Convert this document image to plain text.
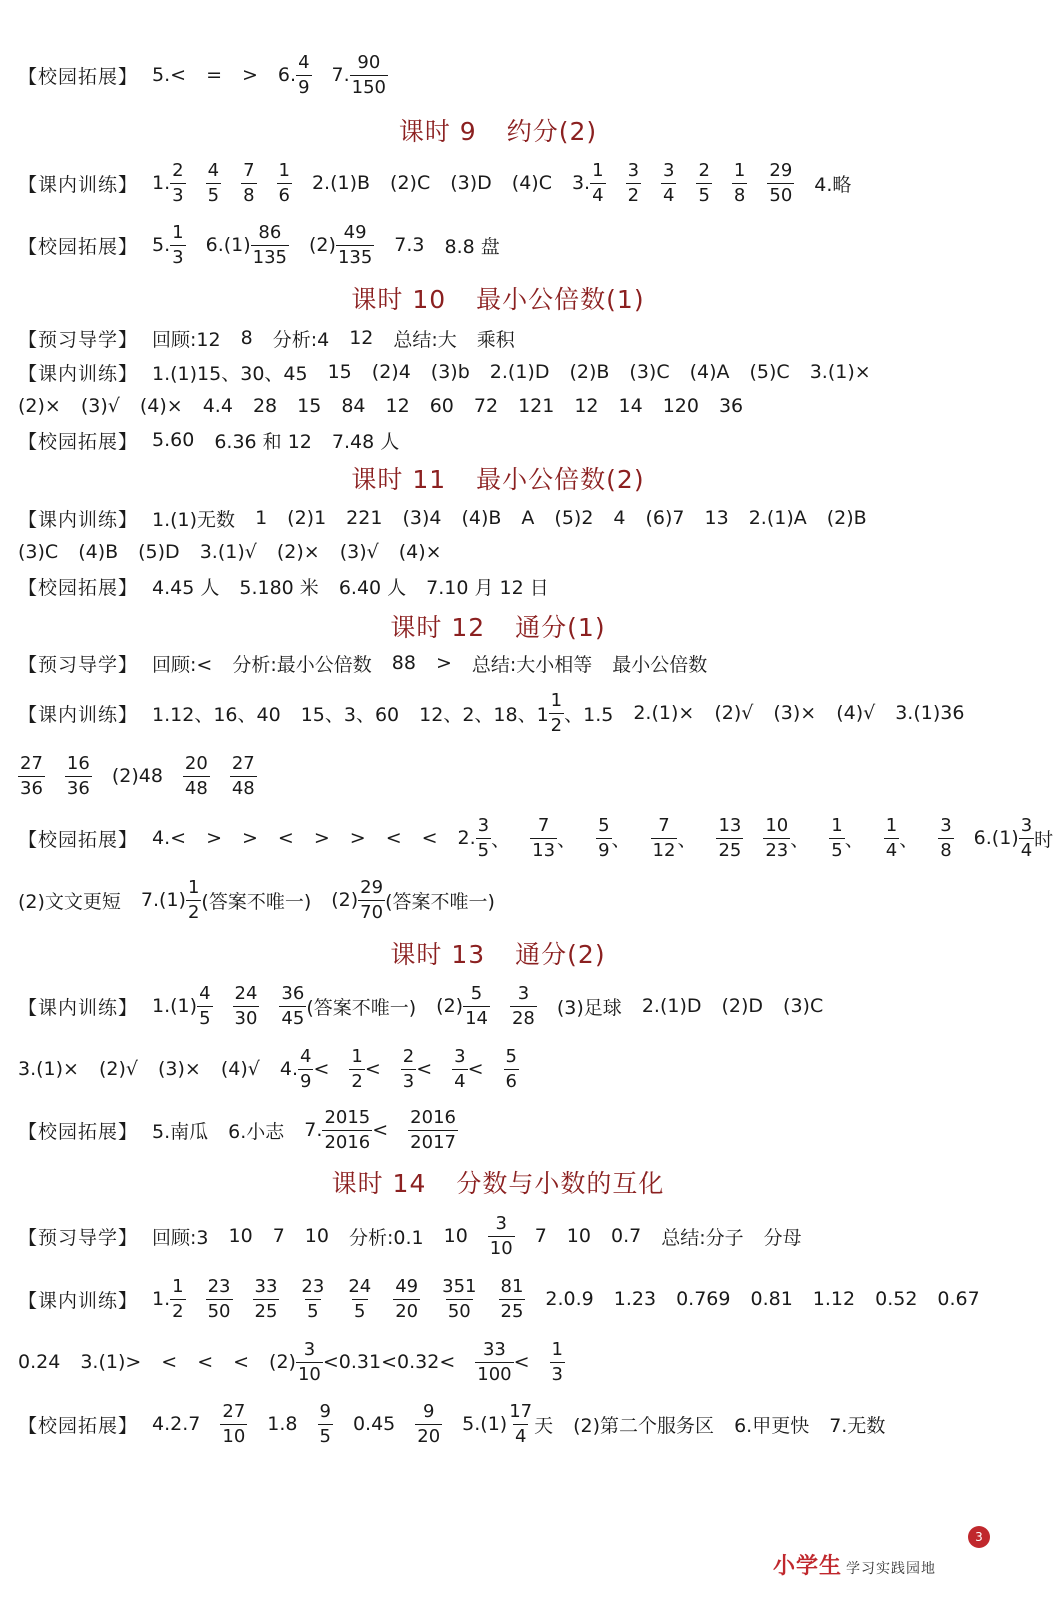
【校园拓展】 5.< = > 6. $\frac{4}{9} 7$. $\frac{90}{150}$
课时 9 约分(2)
【课内训练】 1. $\frac{2}{3} \frac{4}{5} \frac{7}{8} \frac{1}{6} 2.(1)B$ (2)C (3)D (4)C 3. $\frac{1}{4} \frac{3}{2} \frac{3}{4} \frac{2}{5} \frac{1}{8} \frac{29}{50} 4$.略
【校园拓展】 5. $\frac{1}{3} 6.(1) \frac{86}{135} (2) \frac{49}{135} 7.3$ 8.8 盘
课时 10 最小公倍数(1)
【预习导学】 回顾:12 8 分析:4 12 总结:大 乘积
【课内训练】 1.(1)15、30、45 15 (2)4 (3)b 2.(1)D (2)B (3)C (4)A (5)C 3.(1)×
(2)× (3)√ (4)× 4.4 28 15 84 12 60 72 121 12 14 120 36
【校园拓展】 5.60 6.36 和 12 7.48 人
课时 11 最小公倍数(2)
【课内训练】 1.(1)无数 1 (2)1 221 (3)4 (4)B A (5)2 4 (6)7 13 2.(1)A (2)B
(3)C (4)B (5)D 3.(1)√ (2)× (3)√ (4)×
【校园拓展】 4.45 人 5.180 米 6.40 人 7.10 月 12 日
课时 12 通分(1)
【预习导学】 回顾:< 分析:最小公倍数 88 > 总结:大小相等 最小公倍数
【课内训练】 1.12、16、40 15、3、60 12、2、18、$1 \frac{1}{2}$ 、1.5 2.(1)× (2)√ (3)× (4)√ 3.(1)36
$\frac{27}{36} \frac{16}{36} (2)48 \frac{20}{48} \frac{27}{48}$
【校园拓展】 4.< > > < > > < < 2. $\frac{3}{5}$ 、 $\frac{7}{13}$ 、 $\frac{5}{9}$ 、 $\frac{7}{12}$ 、 $\frac{13}{25} \frac{10}{23}$ 、 $\frac{1}{5}$ 、 $\frac{1}{4}$ 、 $\frac{3}{8} 6.(1) \frac{3}{4}$ 时
(2)文文更短 $7.(1) \frac{1}{2}$ (答案不唯一) $(2) \frac{29}{70}$ (答案不唯一)
课时 13 通分(2)
【课内训练】 $1.(1) \frac{4}{5} \frac{24}{30} \frac{36}{45}$ (答案不唯一) $(2) \frac{5}{14} \frac{3}{28} (3)$足球 2.(1)D (2)D (3)C
3.(1)× (2)√ (3)× (4)√ 4. $\frac{4}{9} < \frac{1}{2} < \frac{2}{3} < \frac{3}{4} < \frac{5}{6}$
【校园拓展】 5.南瓜 6.小志 7. $\frac{2015}{2016} < \frac{2016}{2017}$
课时 14 分数与小数的互化
【预习导学】 回顾:3 10 7 10 分析:0.1 $10 \frac{3}{10} 7$ 10 0.7 总结:分子 分母
【课内训练】 1. $\frac{1}{2} \frac{23}{50} \frac{33}{25} \frac{23}{5} \frac{24}{5} \frac{49}{20} \frac{351}{50} \frac{81}{25} 2.0.9$ 1.23 0.769 0.81 1.12 0.52 0.67
0.24 3.(1)> < < < $(2) \frac{3}{10} <0.31<0.32< \frac{33}{100} < \frac{1}{3}$
【校园拓展】 $4.2.7 \frac{27}{10} 1.8 \frac{9}{5} 0.45 \frac{9}{20} 5.(1) \frac{17}{4}$ 天 (2)第二个服务区 6.甲更快 7.无数
小学生 学习实践园地
3
